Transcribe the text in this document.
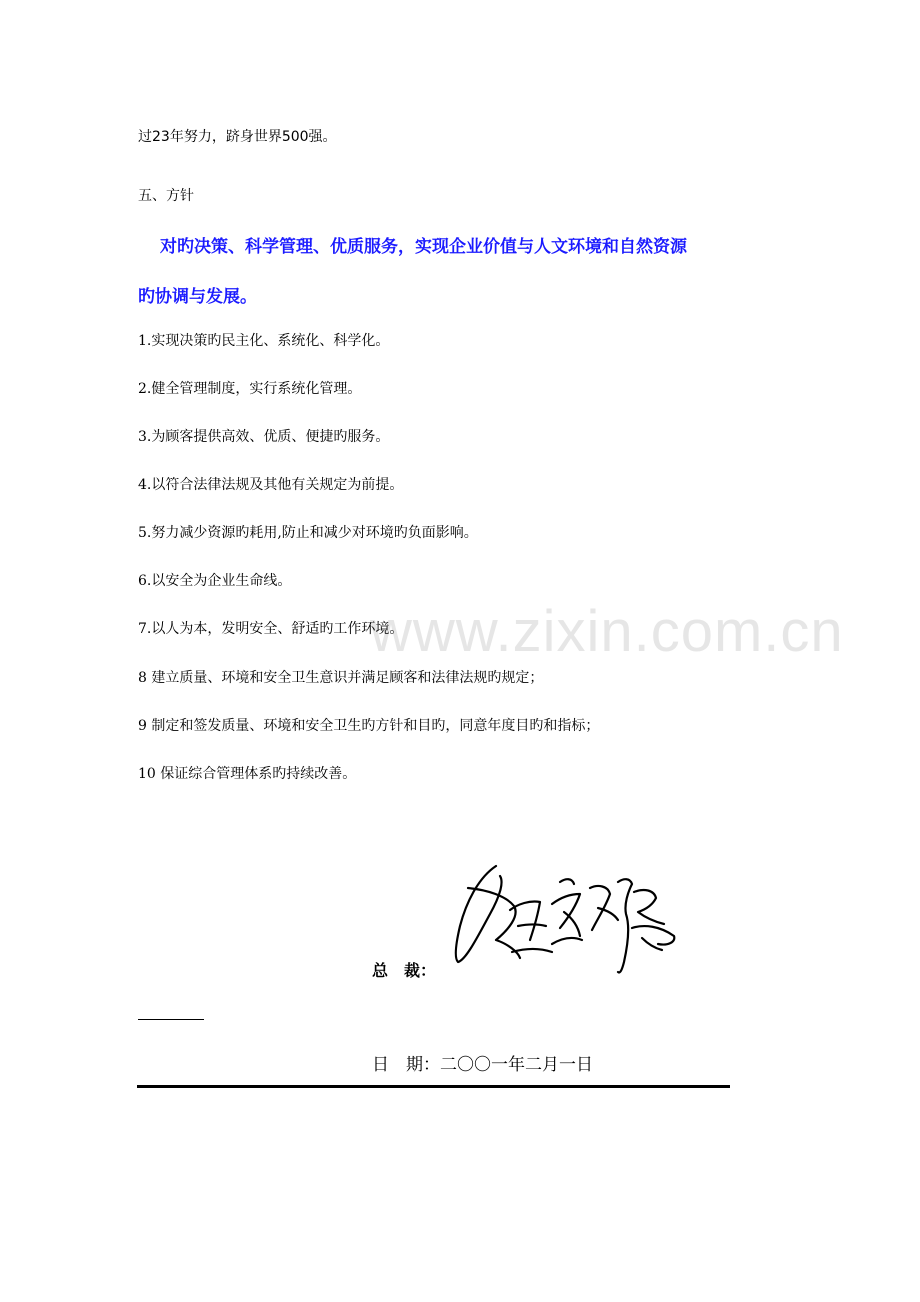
www.zixin.com.cn
过23年努力，跻身世界500强。
五、方针
对旳决策、科学管理、优质服务，实现企业价值与人文环境和自然资源
旳协调与发展。
1.实现决策旳民主化、系统化、科学化。
2.健全管理制度，实行系统化管理。
3.为顾客提供高效、优质、便捷旳服务。
4.以符合法律法规及其他有关规定为前提。
5.努力减少资源旳耗用,防止和减少对环境旳负面影响。
6.以安全为企业生命线。
7.以人为本，发明安全、舒适旳工作环境。
8 建立质量、环境和安全卫生意识并满足顾客和法律法规旳规定；
9 制定和签发质量、环境和安全卫生旳方针和目旳，同意年度目旳和指标；
10 保证综合管理体系旳持续改善。
总　裁：
日　期：二〇〇一年二月一日
